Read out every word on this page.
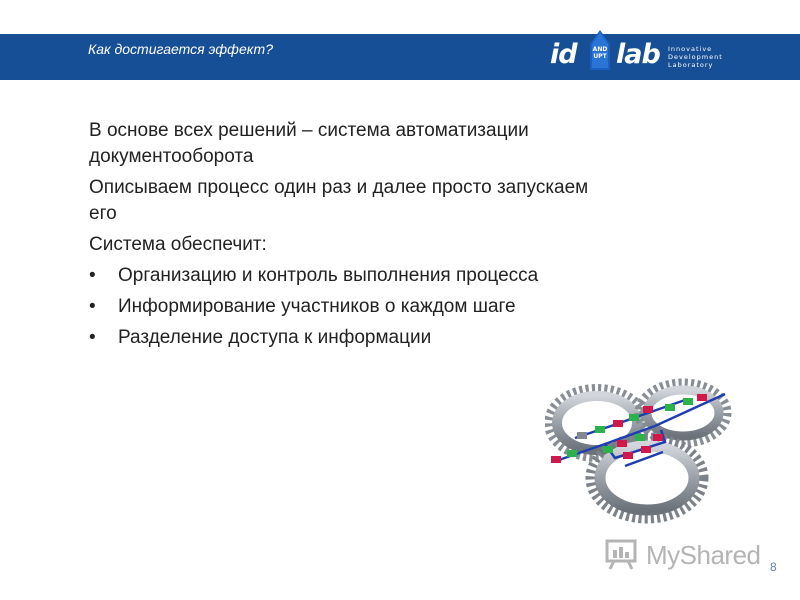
Как достигается эффект?	id	AND
UPT lab Innovative
Development
Laboratory

В основе всех решений – система автоматизации документооборота

Описываем процесс один раз и далее просто запускаем его

Система обеспечит:

•	Организацию и контроль выполнения процесса
•	Информирование участников о каждом шаге
•	Разделение доступа к информации
MyShared 8
